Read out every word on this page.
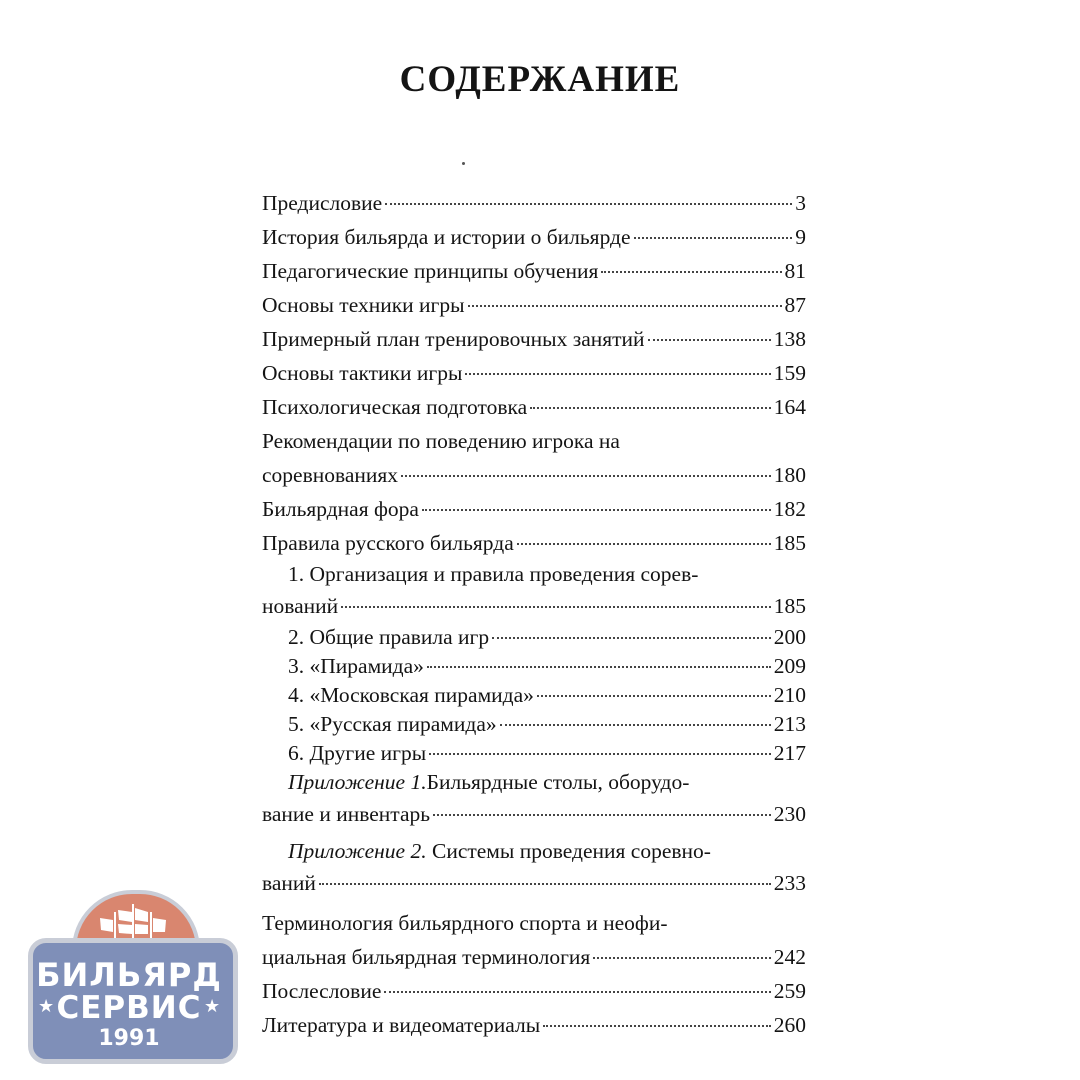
СОДЕРЖАНИЕ
Предисловие	3
История бильярда и истории о бильярде	9
Педагогические принципы обучения	81
Основы техники игры	87
Примерный план тренировочных занятий	138
Основы тактики игры	159
Психологическая подготовка	164
Рекомендации по поведению игрока на
соревнованиях	180
Бильярдная фора	182
Правила русского бильярда	185
1. Организация и правила проведения сорев-
нований	185
2. Общие правила игр	200
3. «Пирамида»	209
4. «Московская пирамида»	210
5. «Русская пирамида»	213
6. Другие игры	217
Приложение 1.Бильярдные столы, оборудо-
вание и инвентарь	230
Приложение 2. Системы проведения соревно-
ваний	233
Терминология бильярдного спорта и неофи-
циальная бильярдная терминология	242
Послесловие	259
Литература и видеоматериалы	260
БИЛЬЯРД
★ СЕРВИС ★
1991
